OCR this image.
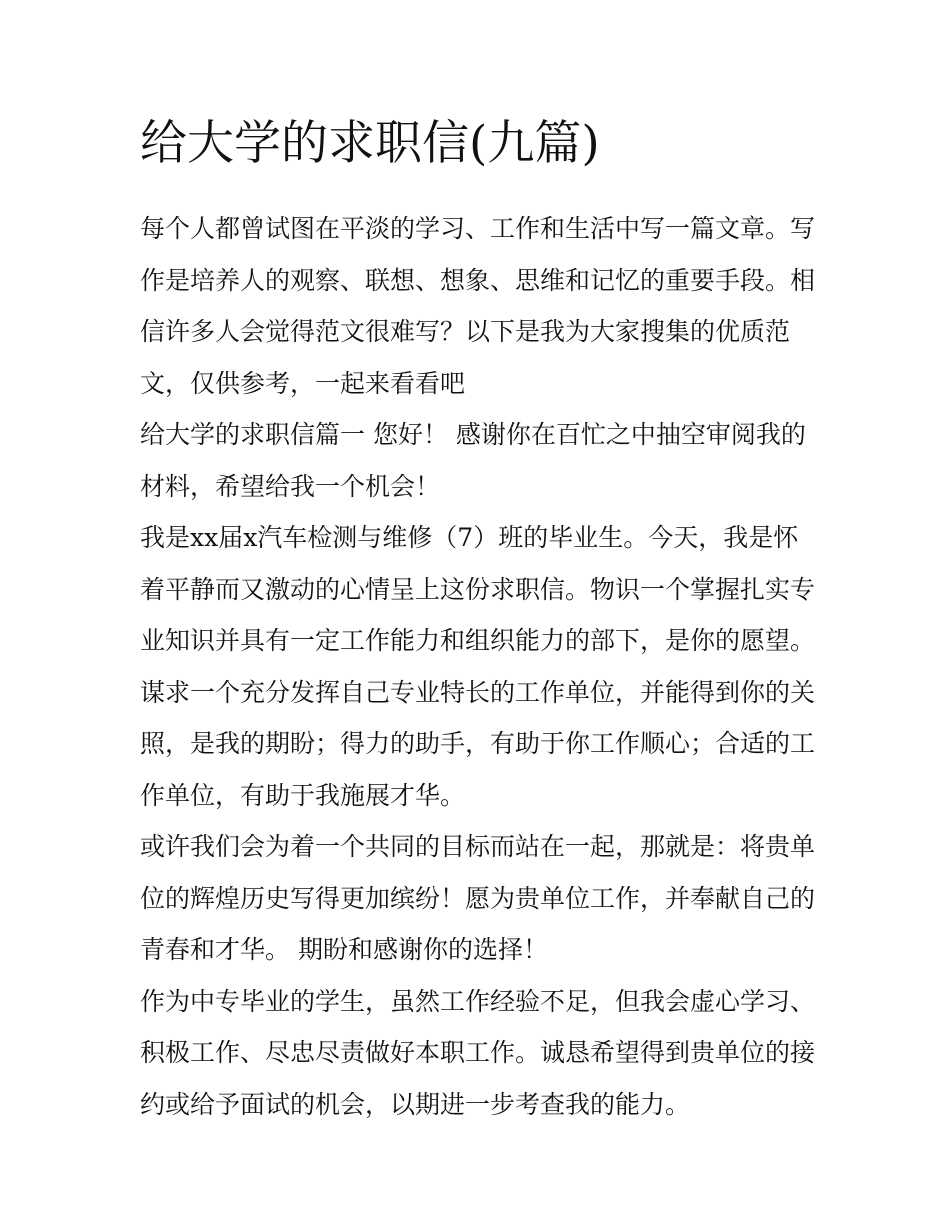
给大学的求职信(九篇)

每个人都曾试图在平淡的学习、工作和生活中写一篇文章。写作是培养人的观察、联想、想象、思维和记忆的重要手段。相信许多人会觉得范文很难写？以下是我为大家搜集的优质范文，仅供参考，一起来看看吧

给大学的求职信篇一 您好！ 感谢你在百忙之中抽空审阅我的材料，希望给我一个机会！

我是xx届x汽车检测与维修（7）班的毕业生。今天，我是怀着平静而又激动的心情呈上这份求职信。物识一个掌握扎实专业知识并具有一定工作能力和组织能力的部下，是你的愿望。谋求一个充分发挥自己专业特长的工作单位，并能得到你的关照，是我的期盼；得力的助手，有助于你工作顺心；合适的工作单位，有助于我施展才华。

或许我们会为着一个共同的目标而站在一起，那就是：将贵单位的辉煌历史写得更加缤纷！愿为贵单位工作，并奉献自己的青春和才华。 期盼和感谢你的选择！

作为中专毕业的学生，虽然工作经验不足，但我会虚心学习、积极工作、尽忠尽责做好本职工作。诚恳希望得到贵单位的接约或给予面试的机会，以期进一步考查我的能力。
